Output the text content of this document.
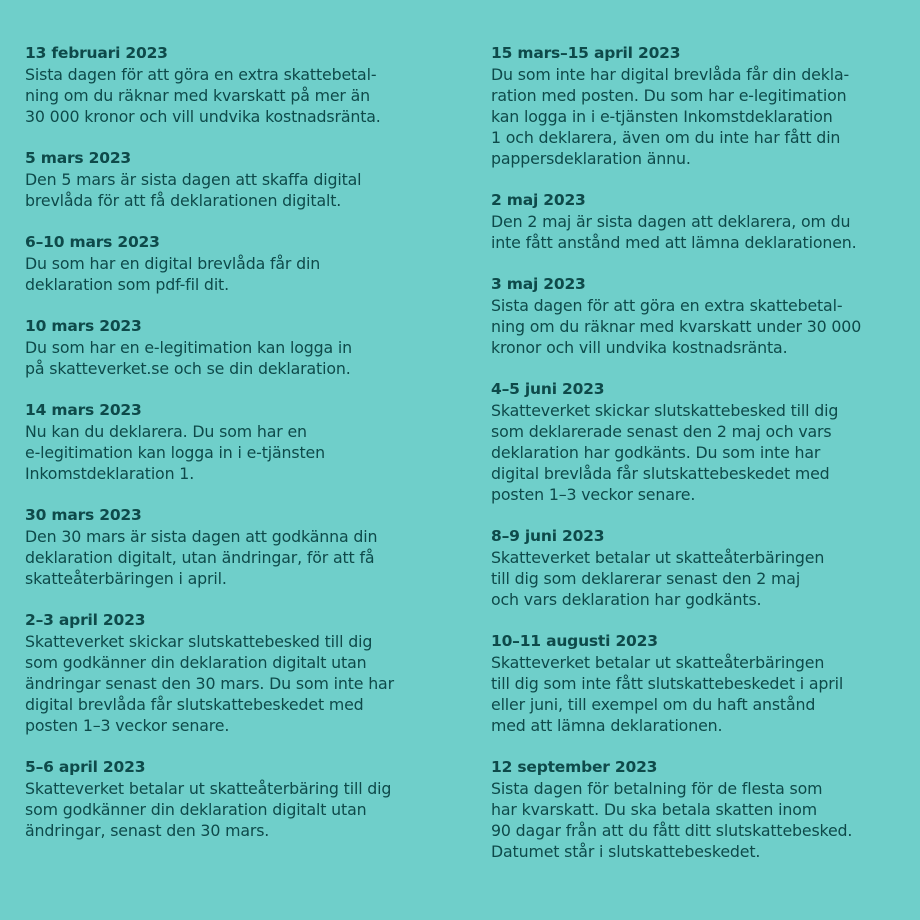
13 februari 2023
Sista dagen för att göra en extra skattebetal-
ning om du räknar med kvarskatt på mer än
30 000 kronor och vill undvika kostnadsränta.
5 mars 2023
Den 5 mars är sista dagen att skaffa digital
brevlåda för att få deklarationen digitalt.
6–10 mars 2023
Du som har en digital brevlåda får din
deklaration som pdf-fil dit.
10 mars 2023
Du som har en e-legitimation kan logga in
på skatteverket.se och se din deklaration.
14 mars 2023
Nu kan du deklarera. Du som har en
e-legitimation kan logga in i e-tjänsten
Inkomstdeklaration 1.
30 mars 2023
Den 30 mars är sista dagen att godkänna din
deklaration digitalt, utan ändringar, för att få
skatteåterbäringen i april.
2–3 april 2023
Skatteverket skickar slutskattebesked till dig
som godkänner din deklaration digitalt utan
ändringar senast den 30 mars. Du som inte har
digital brevlåda får slutskattebeskedet med
posten 1–3 veckor senare.
5–6 april 2023
Skatteverket betalar ut skatteåterbäring till dig
som godkänner din deklaration digitalt utan
ändringar, senast den 30 mars.
15 mars–15 april 2023
Du som inte har digital brevlåda får din dekla-
ration med posten. Du som har e-legitimation
kan logga in i e-tjänsten Inkomstdeklaration
1 och deklarera, även om du inte har fått din
pappersdeklaration ännu.
2 maj 2023
Den 2 maj är sista dagen att deklarera, om du
inte fått anstånd med att lämna deklarationen.
3 maj 2023
Sista dagen för att göra en extra skattebetal-
ning om du räknar med kvarskatt under 30 000
kronor och vill undvika kostnadsränta.
4–5 juni 2023
Skatteverket skickar slutskattebesked till dig
som deklarerade senast den 2 maj och vars
deklaration har godkänts. Du som inte har
digital brevlåda får slutskattebeskedet med
posten 1–3 veckor senare.
8–9 juni 2023
Skatteverket betalar ut skatteåterbäringen
till dig som deklarerar senast den 2 maj
och vars deklaration har godkänts.
10–11 augusti 2023
Skatteverket betalar ut skatteåterbäringen
till dig som inte fått slutskattebeskedet i april
eller juni, till exempel om du haft anstånd
med att lämna deklarationen.
12 september 2023
Sista dagen för betalning för de flesta som
har kvarskatt. Du ska betala skatten inom
90 dagar från att du fått ditt slutskattebesked.
Datumet står i slutskattebeskedet.
